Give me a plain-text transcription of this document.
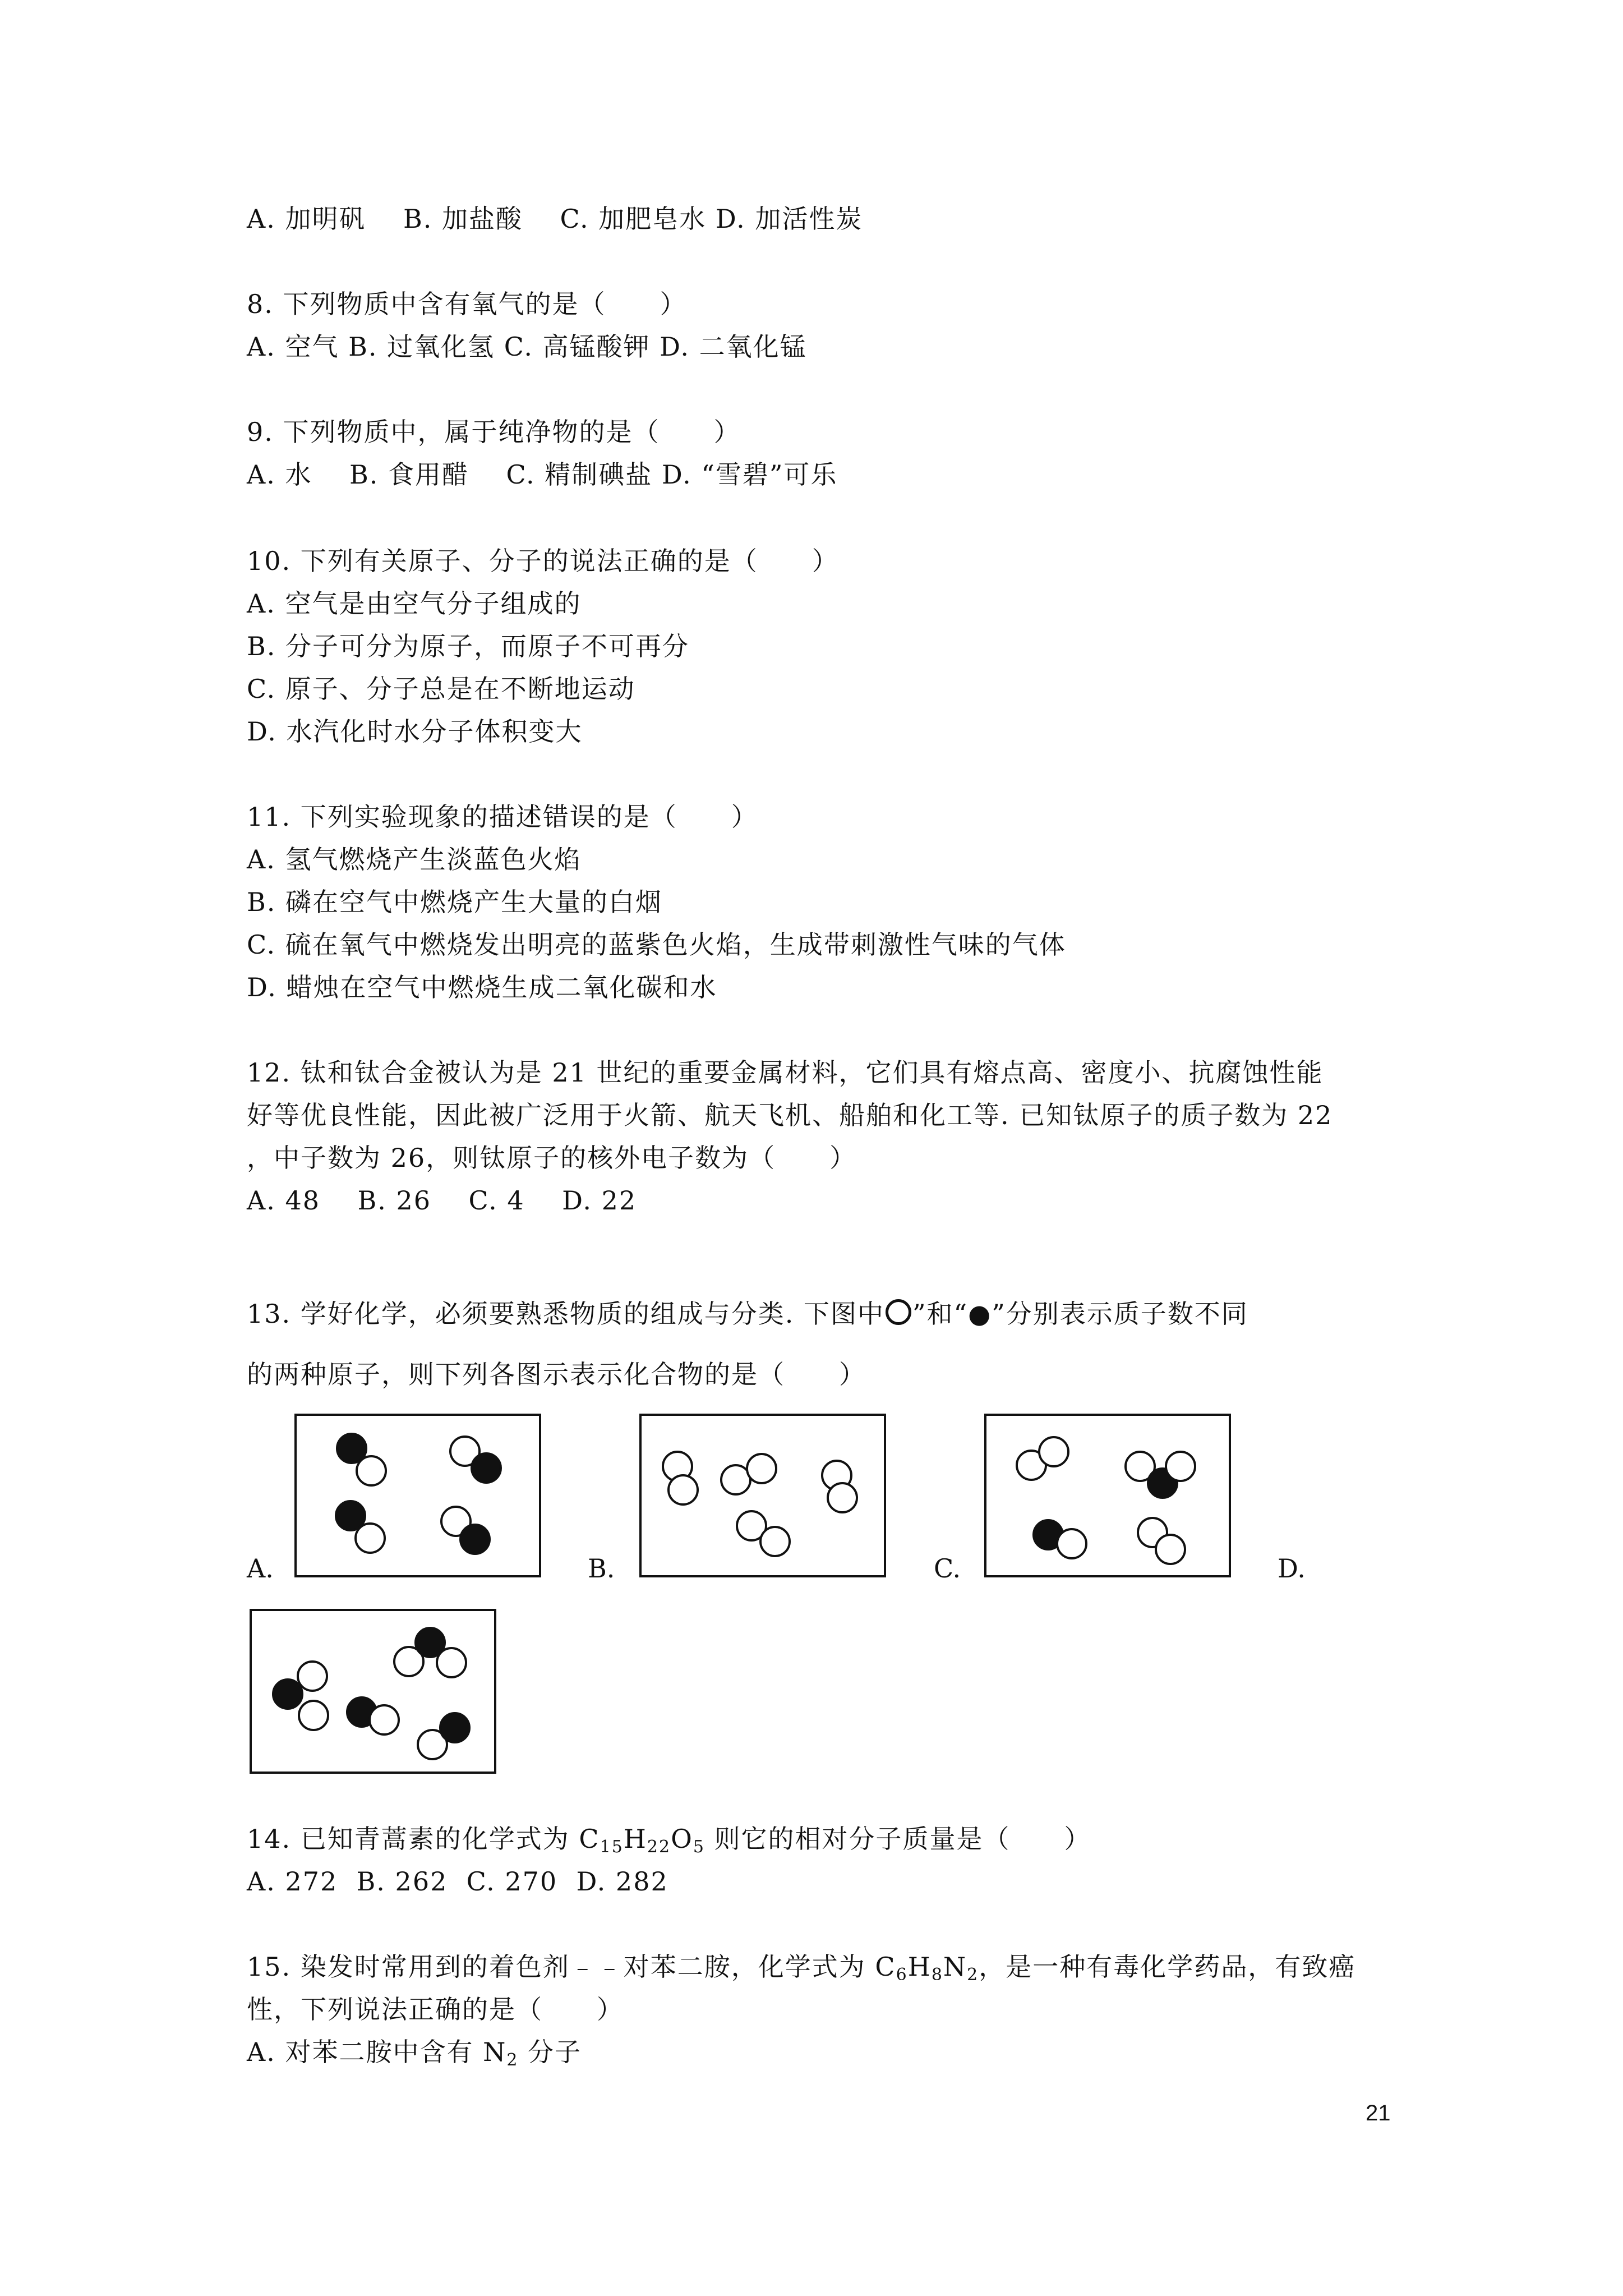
A. 加明矾    B. 加盐酸    C. 加肥皂水 D. 加活性炭
8. 下列物质中含有氧气的是（　　）
A. 空气 B. 过氧化氢 C. 高锰酸钾 D. 二氧化锰
9. 下列物质中，属于纯净物的是（　　）
A. 水    B. 食用醋    C. 精制碘盐 D. “雪碧”可乐
10. 下列有关原子、分子的说法正确的是（　　）
A. 空气是由空气分子组成的
B. 分子可分为原子，而原子不可再分
C. 原子、分子总是在不断地运动
D. 水汽化时水分子体积变大
11. 下列实验现象的描述错误的是（　　）
A. 氢气燃烧产生淡蓝色火焰
B. 磷在空气中燃烧产生大量的白烟
C. 硫在氧气中燃烧发出明亮的蓝紫色火焰，生成带刺激性气味的气体
D. 蜡烛在空气中燃烧生成二氧化碳和水
12. 钛和钛合金被认为是 21 世纪的重要金属材料，它们具有熔点高、密度小、抗腐蚀性能
好等优良性能，因此被广泛用于火箭、航天飞机、船舶和化工等. 已知钛原子的质子数为 22
，中子数为 26，则钛原子的核外电子数为（　　）
A. 48    B. 26    C. 4    D. 22
13. 学好化学，必须要熟悉物质的组成与分类. 下图中 ”和“●”分别表示质子数不同
的两种原子，则下列各图示表示化合物的是（　　）
A.	B.	C.	D.
14. 已知青蒿素的化学式为 $C_{15}H_{22}O_5$ 则它的相对分子质量是（　　）
A. 272  B. 262  C. 270  D. 282
15. 染发时常用到的着色剂﹣﹣对苯二胺，化学式为 $C_6H_8N_2$，是一种有毒化学药品，有致癌
性，下列说法正确的是（　　）
A. 对苯二胺中含有 $N_2$ 分子
21
